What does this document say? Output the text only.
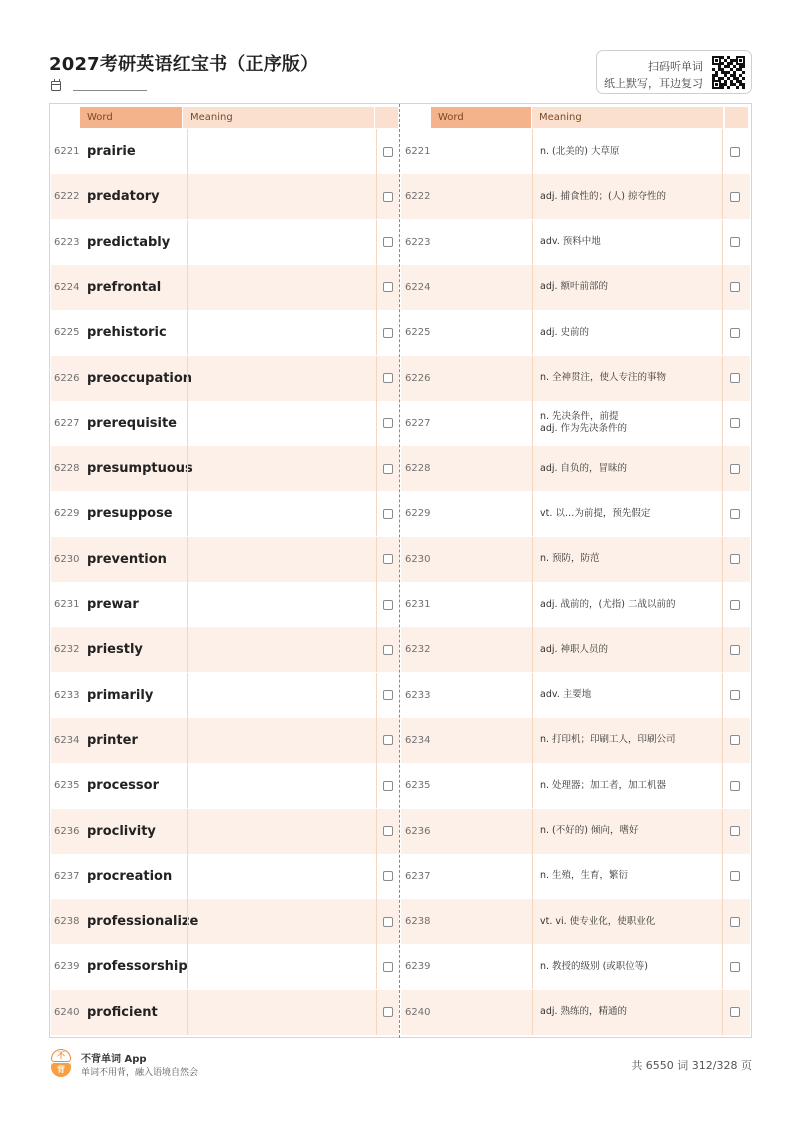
2027考研英语红宝书（正序版）	扫码听单词
纸上默写，耳边复习
Word	Meaning	Word	Meaning
6221 prairie	6221	n. (北美的) 大草原
6222 predatory	6222	adj. 捕食性的；(人) 掠夺性的
6223 predictably	6223	adv. 预料中地
6224 prefrontal	6224	adj. 额叶前部的
6225 prehistoric	6225	adj. 史前的
6226 preoccupation	6226	n. 全神贯注，使人专注的事物
6227 prerequisite	6227
n. 先决条件，前提
adj. 作为先决条件的
6228 presumptuous	6228	adj. 自负的，冒昧的
6229 presuppose	6229	vt. 以…为前提，预先假定
6230 prevention	6230	n. 预防，防范
6231 prewar	6231	adj. 战前的，(尤指) 二战以前的
6232 priestly	6232	adj. 神职人员的
6233 primarily	6233	adv. 主要地
6234 printer	6234	n. 打印机；印刷工人，印刷公司
6235 processor	6235	n. 处理器；加工者，加工机器
6236 proclivity	6236	n. (不好的) 倾向，嗜好
6237 procreation	6237	n. 生殖，生育，繁衍
6238 professionalize	6238	vt. vi. 使专业化，使职业化
6239 professorship	6239	n. 教授的级别 (或职位等)
6240 proficient	6240	adj. 熟练的，精通的
不
背
不背单词 App
单词不用背，融入语境自然会
共 6550 词 312/328 页
